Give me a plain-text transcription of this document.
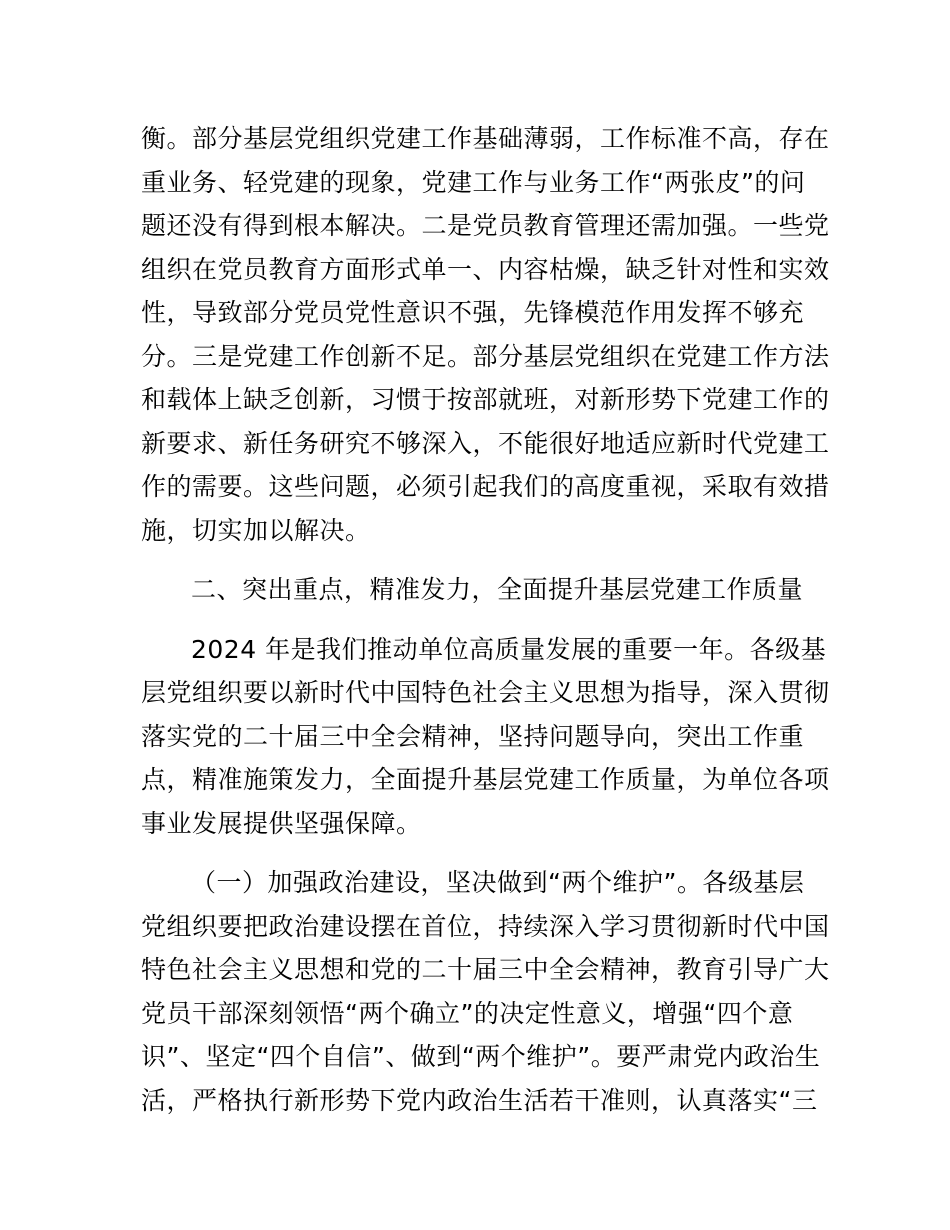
衡。部分基层党组织党建工作基础薄弱，工作标准不高，存在
重业务、轻党建的现象，党建工作与业务工作“两张皮”的问
题还没有得到根本解决。二是党员教育管理还需加强。一些党
组织在党员教育方面形式单一、内容枯燥，缺乏针对性和实效
性，导致部分党员党性意识不强，先锋模范作用发挥不够充
分。三是党建工作创新不足。部分基层党组织在党建工作方法
和载体上缺乏创新，习惯于按部就班，对新形势下党建工作的
新要求、新任务研究不够深入，不能很好地适应新时代党建工
作的需要。这些问题，必须引起我们的高度重视，采取有效措
施，切实加以解决。
二、突出重点，精准发力，全面提升基层党建工作质量
2024 年是我们推动单位高质量发展的重要一年。各级基
层党组织要以新时代中国特色社会主义思想为指导，深入贯彻
落实党的二十届三中全会精神，坚持问题导向，突出工作重
点，精准施策发力，全面提升基层党建工作质量，为单位各项
事业发展提供坚强保障。
（一）加强政治建设，坚决做到“两个维护”。各级基层
党组织要把政治建设摆在首位，持续深入学习贯彻新时代中国
特色社会主义思想和党的二十届三中全会精神，教育引导广大
党员干部深刻领悟“两个确立”的决定性意义，增强“四个意
识”、坚定“四个自信”、做到“两个维护”。要严肃党内政治生
活，严格执行新形势下党内政治生活若干准则，认真落实“三
